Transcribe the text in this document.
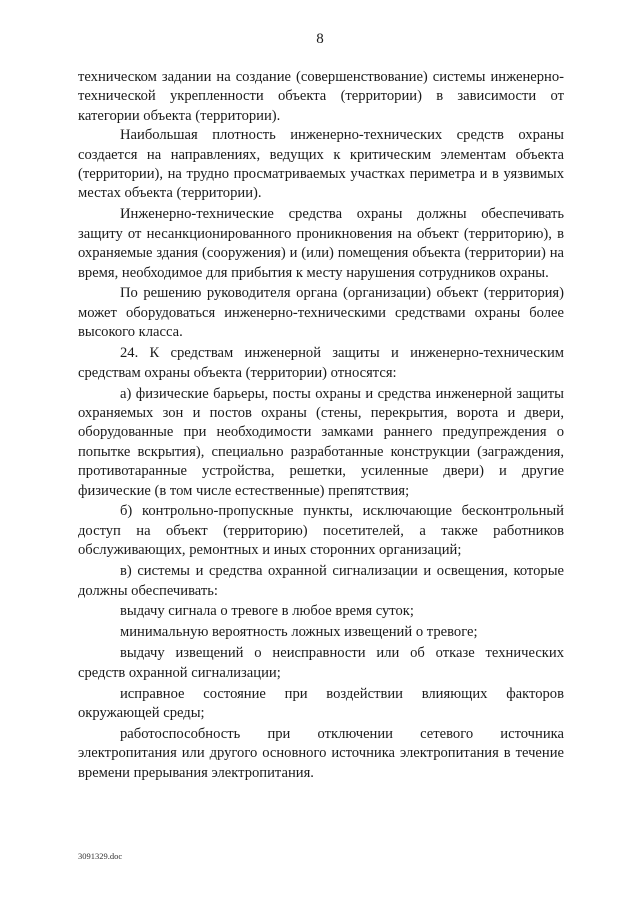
8

техническом задании на создание (совершенствование) системы инженерно-технической укрепленности объекта (территории) в зависимости от категории объекта (территории).

Наибольшая плотность инженерно-технических средств охраны создается на направлениях, ведущих к критическим элементам объекта (территории), на трудно просматриваемых участках периметра и в уязвимых местах объекта (территории).

Инженерно-технические средства охраны должны обеспечивать защиту от несанкционированного проникновения на объект (территорию), в охраняемые здания (сооружения) и (или) помещения объекта (территории) на время, необходимое для прибытия к месту нарушения сотрудников охраны.

По решению руководителя органа (организации) объект (территория) может оборудоваться инженерно-техническими средствами охраны более высокого класса.

24. К средствам инженерной защиты и инженерно-техническим средствам охраны объекта (территории) относятся:

а) физические барьеры, посты охраны и средства инженерной защиты охраняемых зон и постов охраны (стены, перекрытия, ворота и двери, оборудованные при необходимости замками раннего предупреждения о попытке вскрытия), специально разработанные конструкции (заграждения, противотаранные устройства, решетки, усиленные двери) и другие физические (в том числе естественные) препятствия;

б) контрольно-пропускные пункты, исключающие бесконтрольный доступ на объект (территорию) посетителей, а также работников обслуживающих, ремонтных и иных сторонних организаций;

в) системы и средства охранной сигнализации и освещения, которые должны обеспечивать:

выдачу сигнала о тревоге в любое время суток;

минимальную вероятность ложных извещений о тревоге;

выдачу извещений о неисправности или об отказе технических средств охранной сигнализации;

исправное состояние при воздействии влияющих факторов окружающей среды;

работоспособность при отключении сетевого источника электропитания или другого основного источника электропитания в течение времени прерывания электропитания.

3091329.doc
